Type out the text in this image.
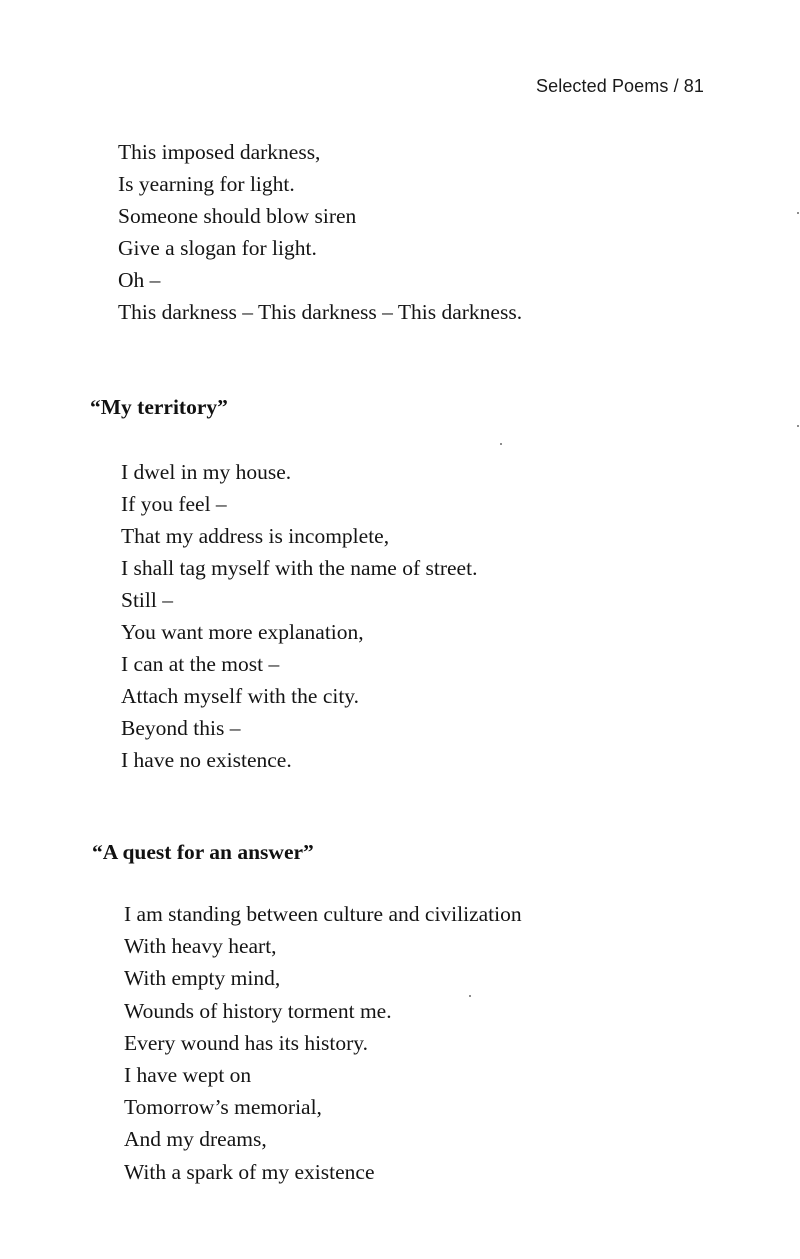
Selected Poems / 81
This imposed darkness,
Is yearning for light.
Someone should blow siren
Give a slogan for light.
Oh –
This darkness – This darkness – This darkness.
“My territory”
I dwel in my house.
If you feel –
That my address is incomplete,
I shall tag myself with the name of street.
Still –
You want more explanation,
I can at the most –
Attach myself with the city.
Beyond this –
I have no existence.
“A quest for an answer”
I am standing between culture and civilization
With heavy heart,
With empty mind,
Wounds of history torment me.
Every wound has its history.
I have wept on
Tomorrow’s memorial,
And my dreams,
With a spark of my existence
